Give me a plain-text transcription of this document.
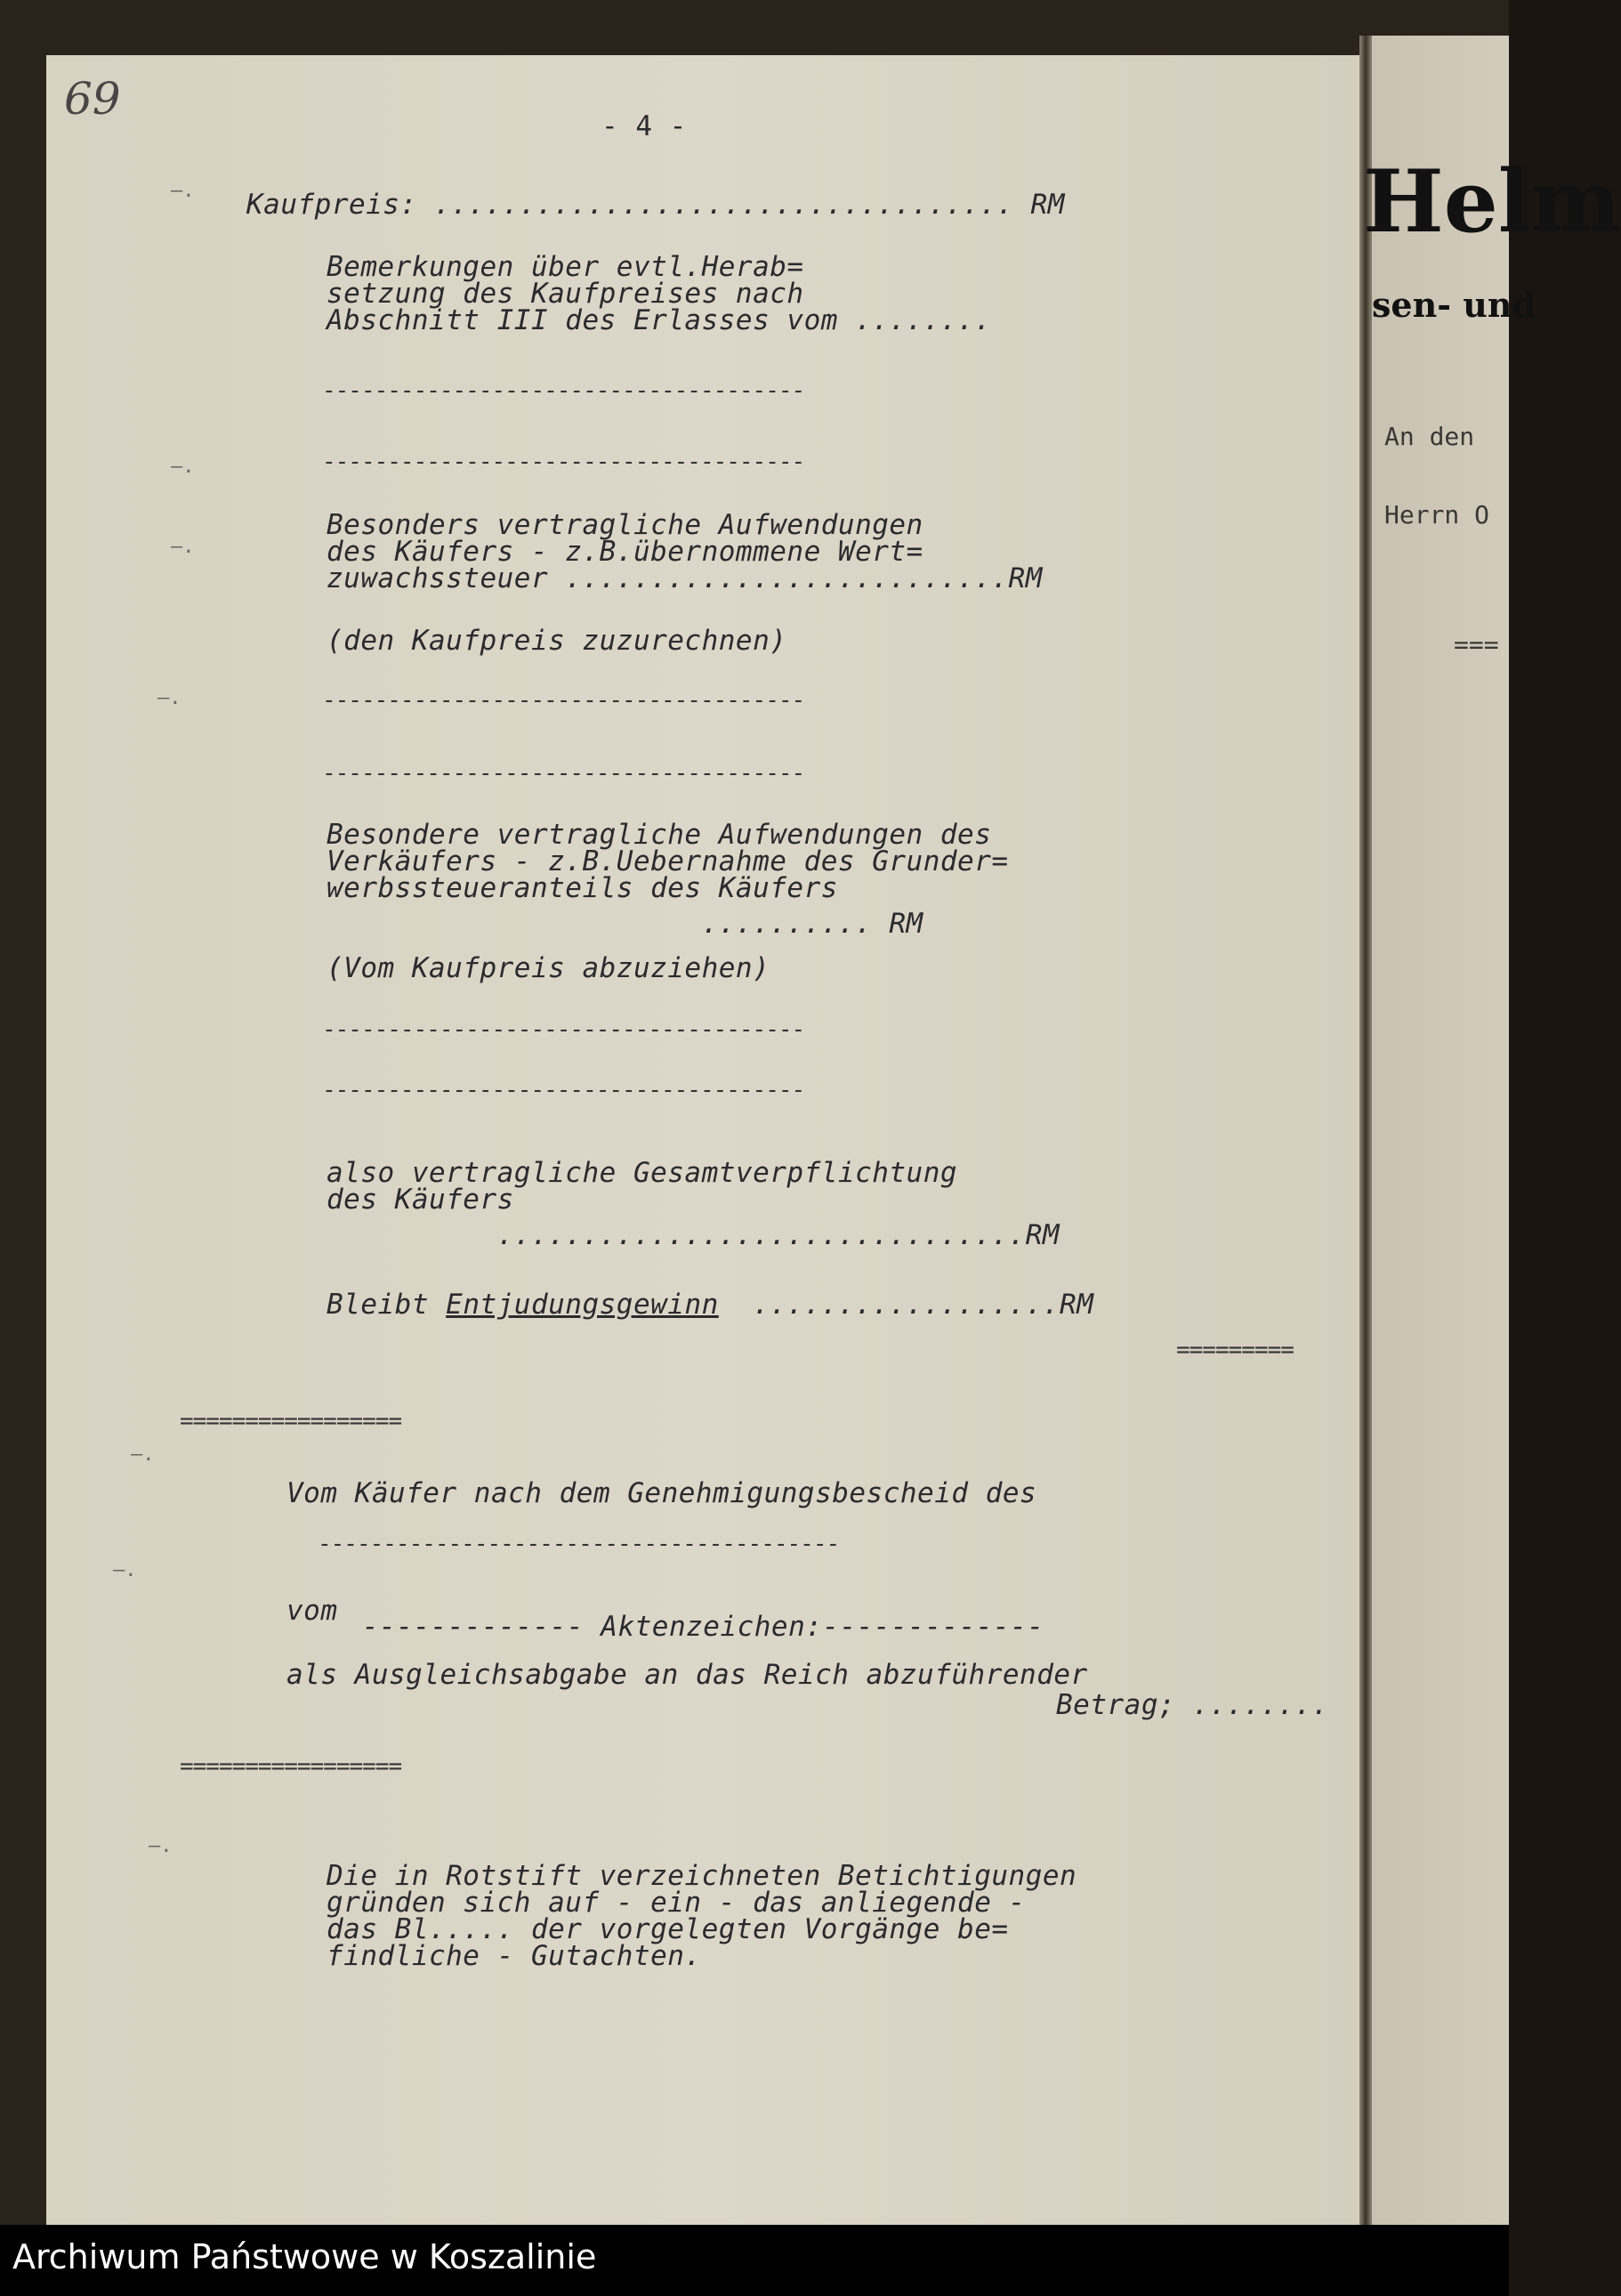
69
- 4 -
–. Kaufpreis: .................................. RM
Bemerkungen über evtl.Herab=
setzung des Kaufpreises nach
Abschnitt III des Erlasses vom ........
-------------------------------------
–.	-------------------------------------
–.
Besonders vertragliche Aufwendungen
des Käufers - z.B.übernommene Wert=
zuwachssteuer ..........................RM
(den Kaufpreis zuzurechnen)
–.	-------------------------------------
-------------------------------------
Besondere vertragliche Aufwendungen des
Verkäufers - z.B.Uebernahme des Grunder=
werbssteueranteils des Käufers
.......... RM
(Vom Kaufpreis abzuziehen)
-------------------------------------
-------------------------------------
also vertragliche Gesamtverpflichtung
des Käufers
...............................RM
Bleibt Entjudungsgewinn  ..................RM
=========
=================
–.
Vom Käufer nach dem Genehmigungsbescheid des
----------------------------------------
–.
vom ------------- Aktenzeichen:-------------
als Ausgleichsabgabe an das Reich abzuführender
Betrag; ........
=================
–.
Die in Rotstift verzeichneten Betichtigungen
gründen sich auf - ein - das anliegende -
das Bl..... der vorgelegten Vorgänge be=
findliche - Gutachten.
Helm
sen- und
An den
Herrn O
===
Archiwum Państwowe w Koszalinie
